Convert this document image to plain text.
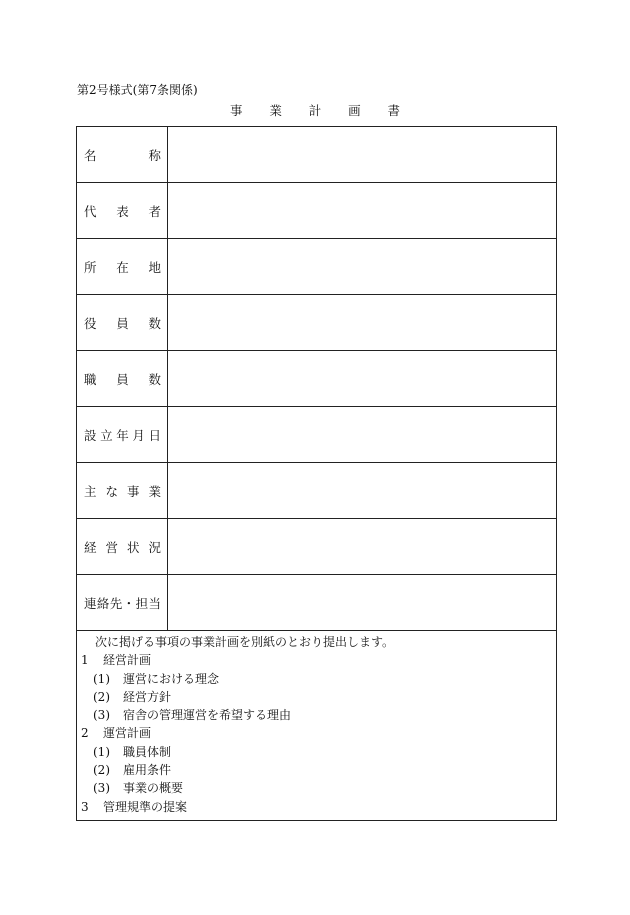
第2号様式(第7条関係)
事 業 計 画 書
名	称
代 表 者
所 在 地
役 員 数
職 員 数
設 立 年 月 日
主 な 事 業
経 営 状 況
連 絡 先 ・ 担 当
次に掲げる事項の事業計画を別紙のとおり提出します。
1 経営計画
(1) 運営における理念
(2) 経営方針
(3) 宿舎の管理運営を希望する理由
2 運営計画
(1) 職員体制
(2) 雇用条件
(3) 事業の概要
3 管理規準の提案
